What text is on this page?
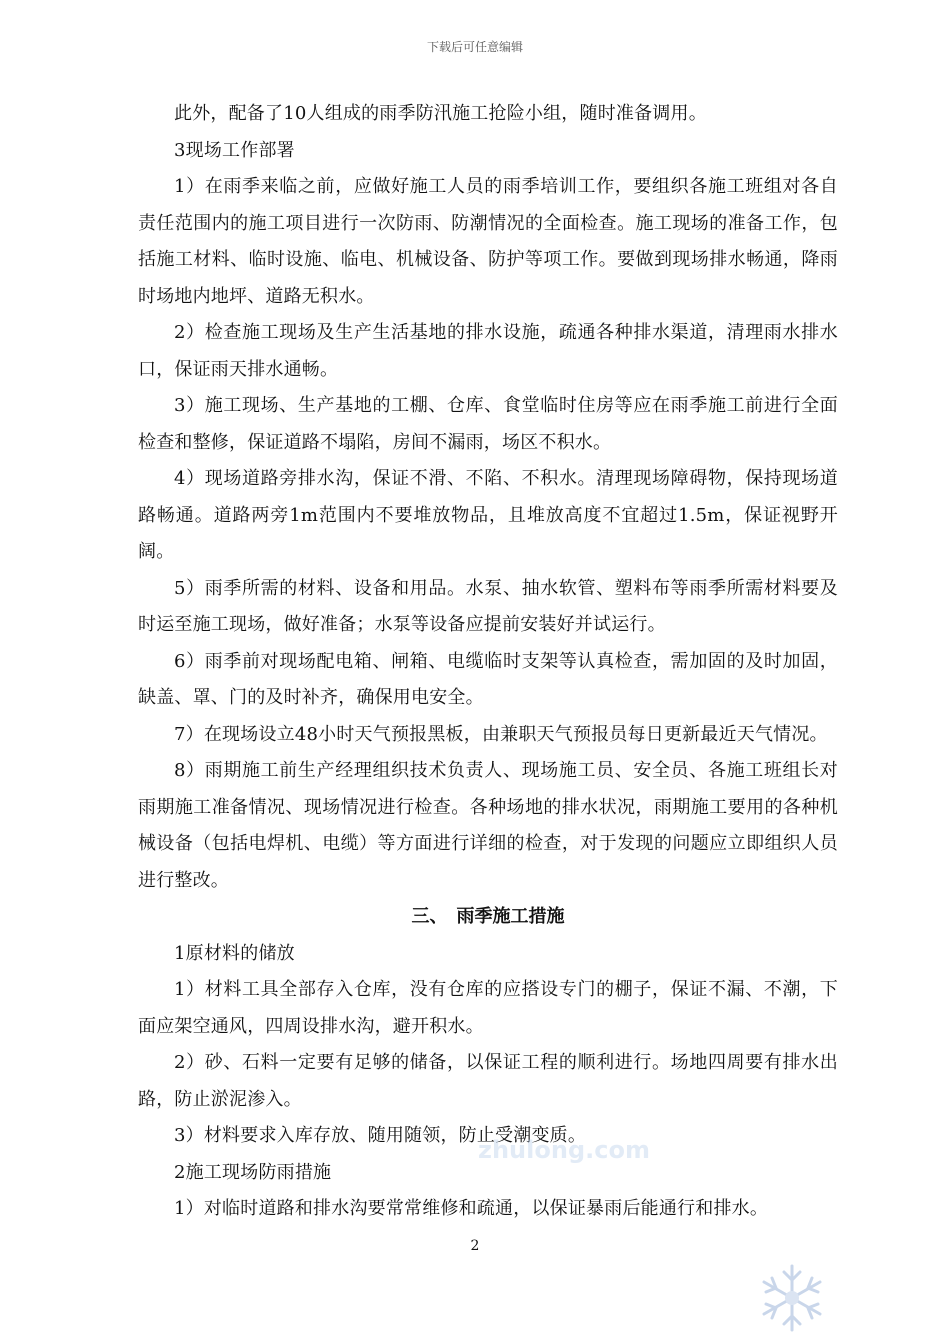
下载后可任意编辑

此外，配备了10人组成的雨季防汛施工抢险小组，随时准备调用。

3现场工作部署

1）在雨季来临之前，应做好施工人员的雨季培训工作，要组织各施工班组对各自责任范围内的施工项目进行一次防雨、防潮情况的全面检查。施工现场的准备工作，包括施工材料、临时设施、临电、机械设备、防护等项工作。要做到现场排水畅通，降雨时场地内地坪、道路无积水。

2）检查施工现场及生产生活基地的排水设施，疏通各种排水渠道，清理雨水排水口，保证雨天排水通畅。

3）施工现场、生产基地的工棚、仓库、食堂临时住房等应在雨季施工前进行全面检查和整修，保证道路不塌陷，房间不漏雨，场区不积水。

4）现场道路旁排水沟，保证不滑、不陷、不积水。清理现场障碍物，保持现场道路畅通。道路两旁1m范围内不要堆放物品，且堆放高度不宜超过1.5m，保证视野开阔。

5）雨季所需的材料、设备和用品。水泵、抽水软管、塑料布等雨季所需材料要及时运至施工现场，做好准备；水泵等设备应提前安装好并试运行。

6）雨季前对现场配电箱、闸箱、电缆临时支架等认真检查，需加固的及时加固，缺盖、罩、门的及时补齐，确保用电安全。

7）在现场设立48小时天气预报黑板，由兼职天气预报员每日更新最近天气情况。

8）雨期施工前生产经理组织技术负责人、现场施工员、安全员、各施工班组长对雨期施工准备情况、现场情况进行检查。各种场地的排水状况，雨期施工要用的各种机械设备（包括电焊机、电缆）等方面进行详细的检查，对于发现的问题应立即组织人员进行整改。

三、　雨季施工措施

1原材料的储放

1）材料工具全部存入仓库，没有仓库的应搭设专门的棚子，保证不漏、不潮，下面应架空通风，四周设排水沟，避开积水。

2）砂、石料一定要有足够的储备，以保证工程的顺利进行。场地四周要有排水出路，防止淤泥渗入。

3）材料要求入库存放、随用随领，防止受潮变质。

2施工现场防雨措施

1）对临时道路和排水沟要常常维修和疏通，以保证暴雨后能通行和排水。

zhulong.com
2
